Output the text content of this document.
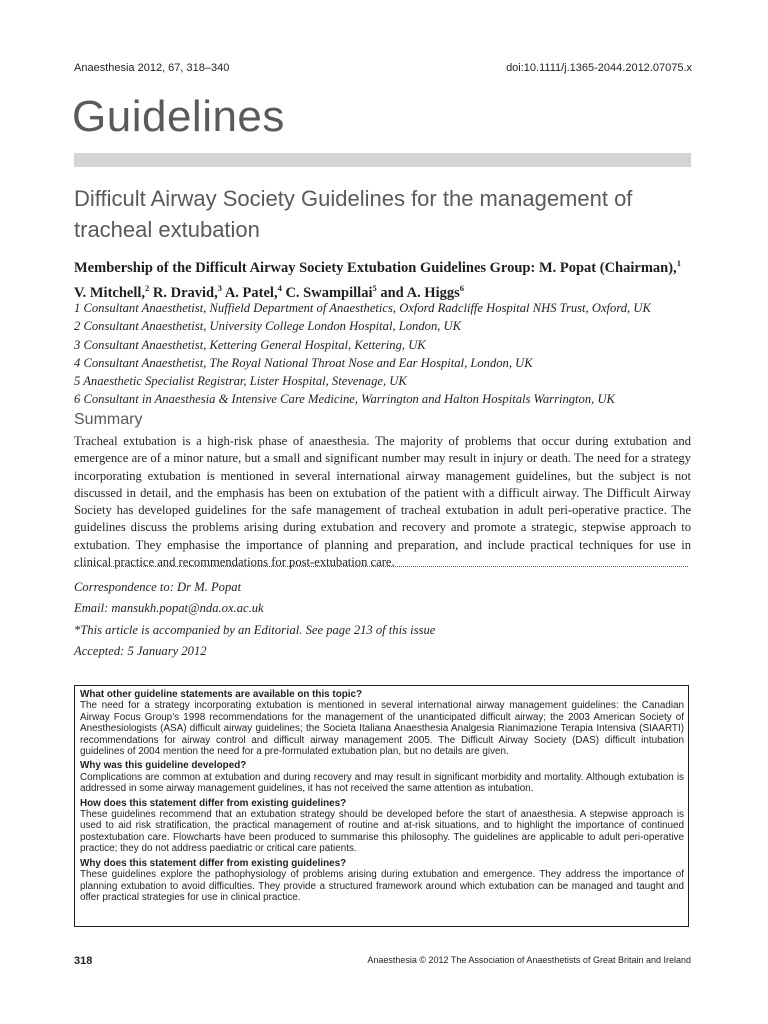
Anaesthesia 2012, 67, 318–340	doi:10.1111/j.1365-2044.2012.07075.x
Guidelines
Difficult Airway Society Guidelines for the management of tracheal extubation
Membership of the Difficult Airway Society Extubation Guidelines Group: M. Popat (Chairman),$^1$
V. Mitchell,$^2$ R. Dravid,$^3$ A. Patel,$^4$ C. Swampillai$^5$ and A. Higgs$^6$
1 Consultant Anaesthetist, Nuffield Department of Anaesthetics, Oxford Radcliffe Hospital NHS Trust, Oxford, UK
2 Consultant Anaesthetist, University College London Hospital, London, UK
3 Consultant Anaesthetist, Kettering General Hospital, Kettering, UK
4 Consultant Anaesthetist, The Royal National Throat Nose and Ear Hospital, London, UK
5 Anaesthetic Specialist Registrar, Lister Hospital, Stevenage, UK
6 Consultant in Anaesthesia & Intensive Care Medicine, Warrington and Halton Hospitals Warrington, UK
Summary

Tracheal extubation is a high-risk phase of anaesthesia. The majority of problems that occur during extubation and emergence are of a minor nature, but a small and significant number may result in injury or death. The need for a strategy incorporating extubation is mentioned in several international airway management guidelines, but the subject is not discussed in detail, and the emphasis has been on extubation of the patient with a difficult airway. The Difficult Airway Society has developed guidelines for the safe management of tracheal extubation in adult peri-operative practice. The guidelines discuss the problems arising during extubation and recovery and promote a strategic, stepwise approach to extubation. They emphasise the importance of planning and preparation, and include practical techniques for use in clinical practice and recommendations for post-extubation care.

Correspondence to: Dr M. Popat
Email: mansukh.popat@nda.ox.ac.uk
*This article is accompanied by an Editorial. See page 213 of this issue
Accepted: 5 January 2012

What other guideline statements are available on this topic?

The need for a strategy incorporating extubation is mentioned in several international airway management guidelines: the Canadian Airway Focus Group’s 1998 recommendations for the management of the unanticipated difficult airway; the 2003 American Society of Anesthesiologists (ASA) difficult airway guidelines; the Societa Italiana Anaesthesia Analgesia Rianimazione Terapia Intensiva (SIAARTI) recommendations for airway control and difficult airway management 2005. The Difficult Airway Society (DAS) difficult intubation guidelines of 2004 mention the need for a pre-formulated extubation plan, but no details are given.

Why was this guideline developed?

Complications are common at extubation and during recovery and may result in significant morbidity and mortality. Although extubation is addressed in some airway management guidelines, it has not received the same attention as intubation.

How does this statement differ from existing guidelines?

These guidelines recommend that an extubation strategy should be developed before the start of anaesthesia. A stepwise approach is used to aid risk stratification, the practical management of routine and at-risk situations, and to highlight the importance of continued postextubation care. Flowcharts have been produced to summarise this philosophy. The guidelines are applicable to adult peri-operative practice; they do not address paediatric or critical care patients.

Why does this statement differ from existing guidelines?

These guidelines explore the pathophysiology of problems arising during extubation and emergence. They address the importance of planning extubation to avoid difficulties. They provide a structured framework around which extubation can be managed and taught and offer practical strategies for use in clinical practice.

318	Anaesthesia © 2012 The Association of Anaesthetists of Great Britain and Ireland
